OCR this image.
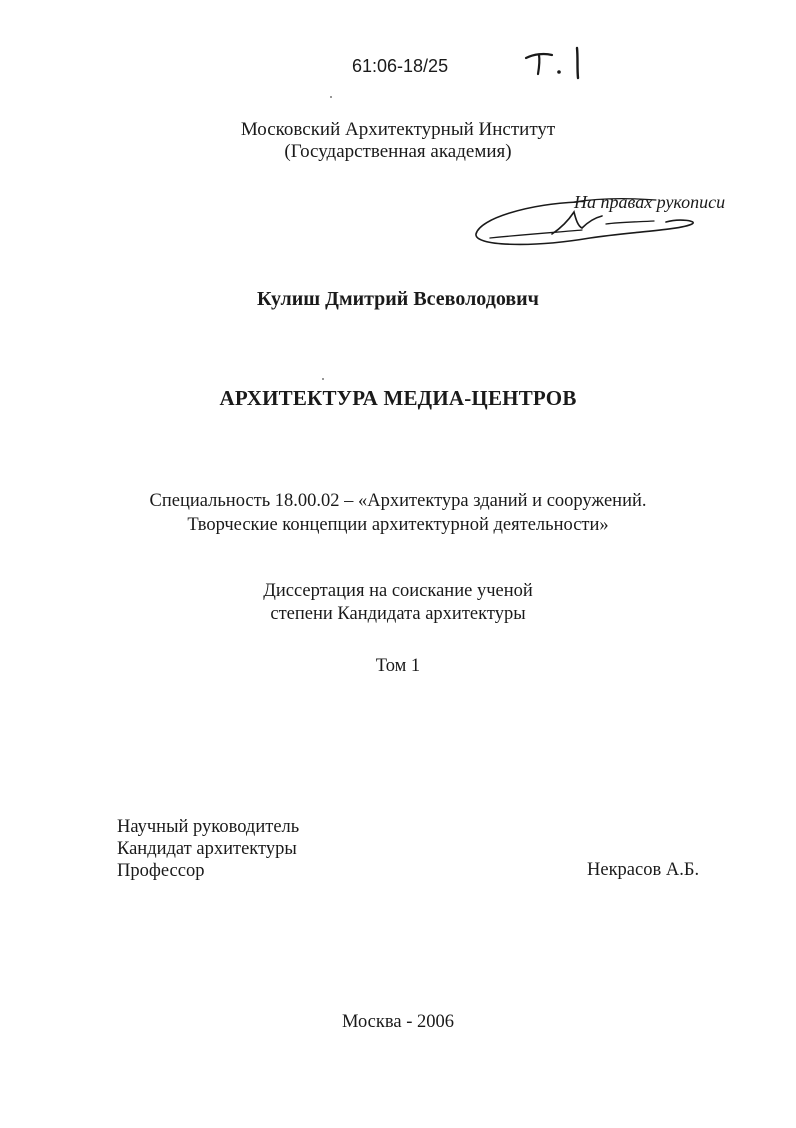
61:06-18/25
Московский Архитектурный Институт
(Государственная академия)
На правах рукописи
Кулиш Дмитрий Всеволодович
АРХИТЕКТУРА МЕДИА-ЦЕНТРОВ
Специальность 18.00.02 – «Архитектура зданий и сооружений.
Творческие концепции архитектурной деятельности»
Диссертация на соискание ученой
степени Кандидата архитектуры
Том 1
Научный руководитель
Кандидат архитектуры
Профессор	Некрасов А.Б.
Москва - 2006
